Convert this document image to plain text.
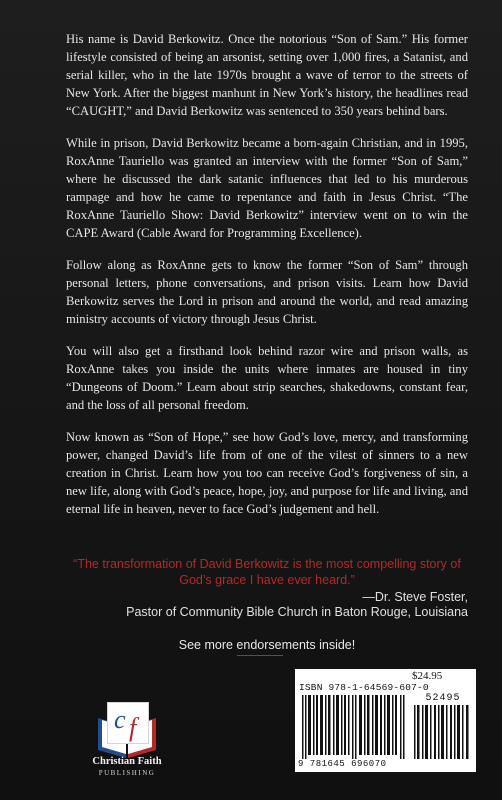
His name is David Berkowitz. Once the notorious “Son of Sam.” His former lifestyle consisted of being an arsonist, setting over 1,000 fires, a Satanist, and serial killer, who in the late 1970s brought a wave of terror to the streets of New York. After the biggest manhunt in New York’s history, the headlines read “CAUGHT,” and David Berkowitz was sentenced to 350 years behind bars.

While in prison, David Berkowitz became a born-again Christian, and in 1995, RoxAnne Tauriello was granted an interview with the former “Son of Sam,” where he discussed the dark satanic influences that led to his murderous rampage and how he came to repentance and faith in Jesus Christ. “The RoxAnne Tauriello Show: David Berkowitz” interview went on to win the CAPE Award (Cable Award for Programming Excellence).

Follow along as RoxAnne gets to know the former “Son of Sam” through personal letters, phone conversations, and prison visits. Learn how David Berkowitz serves the Lord in prison and around the world, and read amazing ministry accounts of victory through Jesus Christ.

You will also get a firsthand look behind razor wire and prison walls, as RoxAnne takes you inside the units where inmates are housed in tiny “Dungeons of Doom.” Learn about strip searches, shakedowns, constant fear, and the loss of all personal freedom.

Now known as “Son of Hope,” see how God’s love, mercy, and transforming power, changed David’s life from of one of the vilest of sinners to a new creation in Christ. Learn how you too can receive God’s forgiveness of sin, a new life, along with God’s peace, hope, joy, and purpose for life and living, and eternal life in heaven, never to face God’s judgement and hell.

“The transformation of David Berkowitz is the most compelling story of God’s grace I have ever heard.”
—Dr. Steve Foster,
Pastor of Community Bible Church in Baton Rouge, Louisiana
See more endorsements inside!
c f
Christian Faith
PUBLISHING
$24.95
ISBN 978-1-64569-607-0
52495
9 781645 696070
